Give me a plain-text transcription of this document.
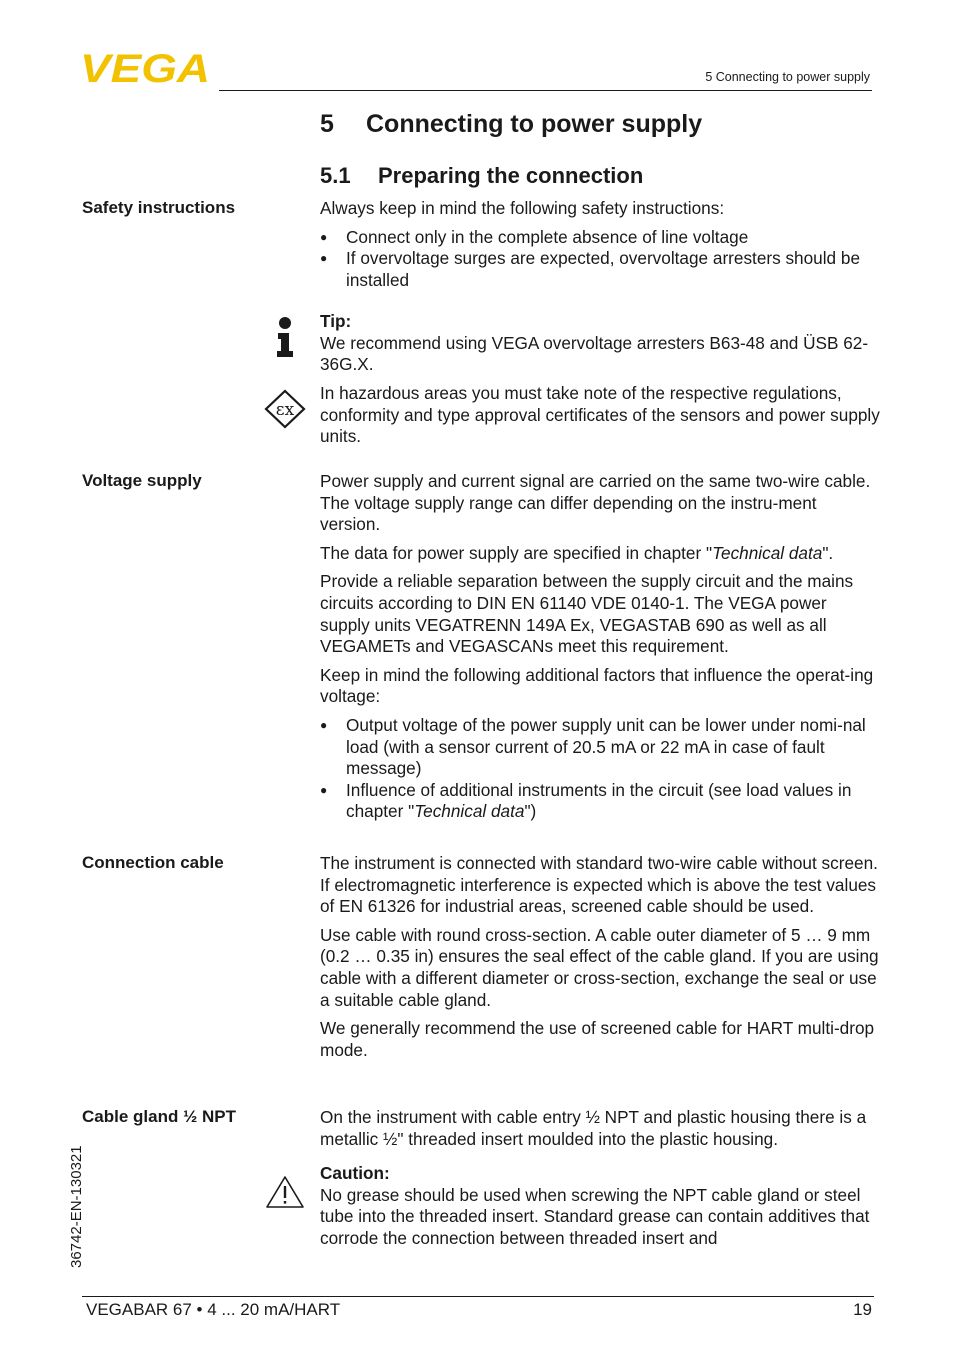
VEGA	5 Connecting to power supply
5 Connecting to power supply
5.1 Preparing the connection
Safety instructions	Always keep in mind the following safety instructions:

● Connect only in the complete absence of line voltage
● If overvoltage surges are expected, overvoltage arresters should be installed

Tip:

We recommend using VEGA overvoltage arresters B63-48 and ÜSB 62-36G.X.

ɛx

In hazardous areas you must take note of the respective regulations, conformity and type approval certificates of the sensors and power supply units.

Voltage supply	Power supply and current signal are carried on the same two-wire cable. The voltage supply range can differ depending on the instru-ment version.

The data for power supply are specified in chapter "Technical data".

Provide a reliable separation between the supply circuit and the mains circuits according to DIN EN 61140 VDE 0140-1. The VEGA power supply units VEGATRENN 149A Ex, VEGASTAB 690 as well as all VEGAMETs and VEGASCANs meet this requirement.

Keep in mind the following additional factors that influence the operat-ing voltage:

● Output voltage of the power supply unit can be lower under nomi-nal load (with a sensor current of 20.5 mA or 22 mA in case of fault message)
● Influence of additional instruments in the circuit (see load values in chapter "Technical data")
Connection cable	The instrument is connected with standard two-wire cable without screen. If electromagnetic interference is expected which is above the test values of EN 61326 for industrial areas, screened cable should be used.

Use cable with round cross-section. A cable outer diameter of 5 … 9 mm (0.2 … 0.35 in) ensures the seal effect of the cable gland. If you are using cable with a different diameter or cross-section, exchange the seal or use a suitable cable gland.

We generally recommend the use of screened cable for HART multi-drop mode.

Cable gland ½ NPT	On the instrument with cable entry ½ NPT and plastic housing there is a metallic ½" threaded insert moulded into the plastic housing.

Caution:

No grease should be used when screwing the NPT cable gland or steel tube into the threaded insert. Standard grease can contain additives that corrode the connection between threaded insert and

36742-EN-130321
VEGABAR 67 • 4 ... 20 mA/HART	19
